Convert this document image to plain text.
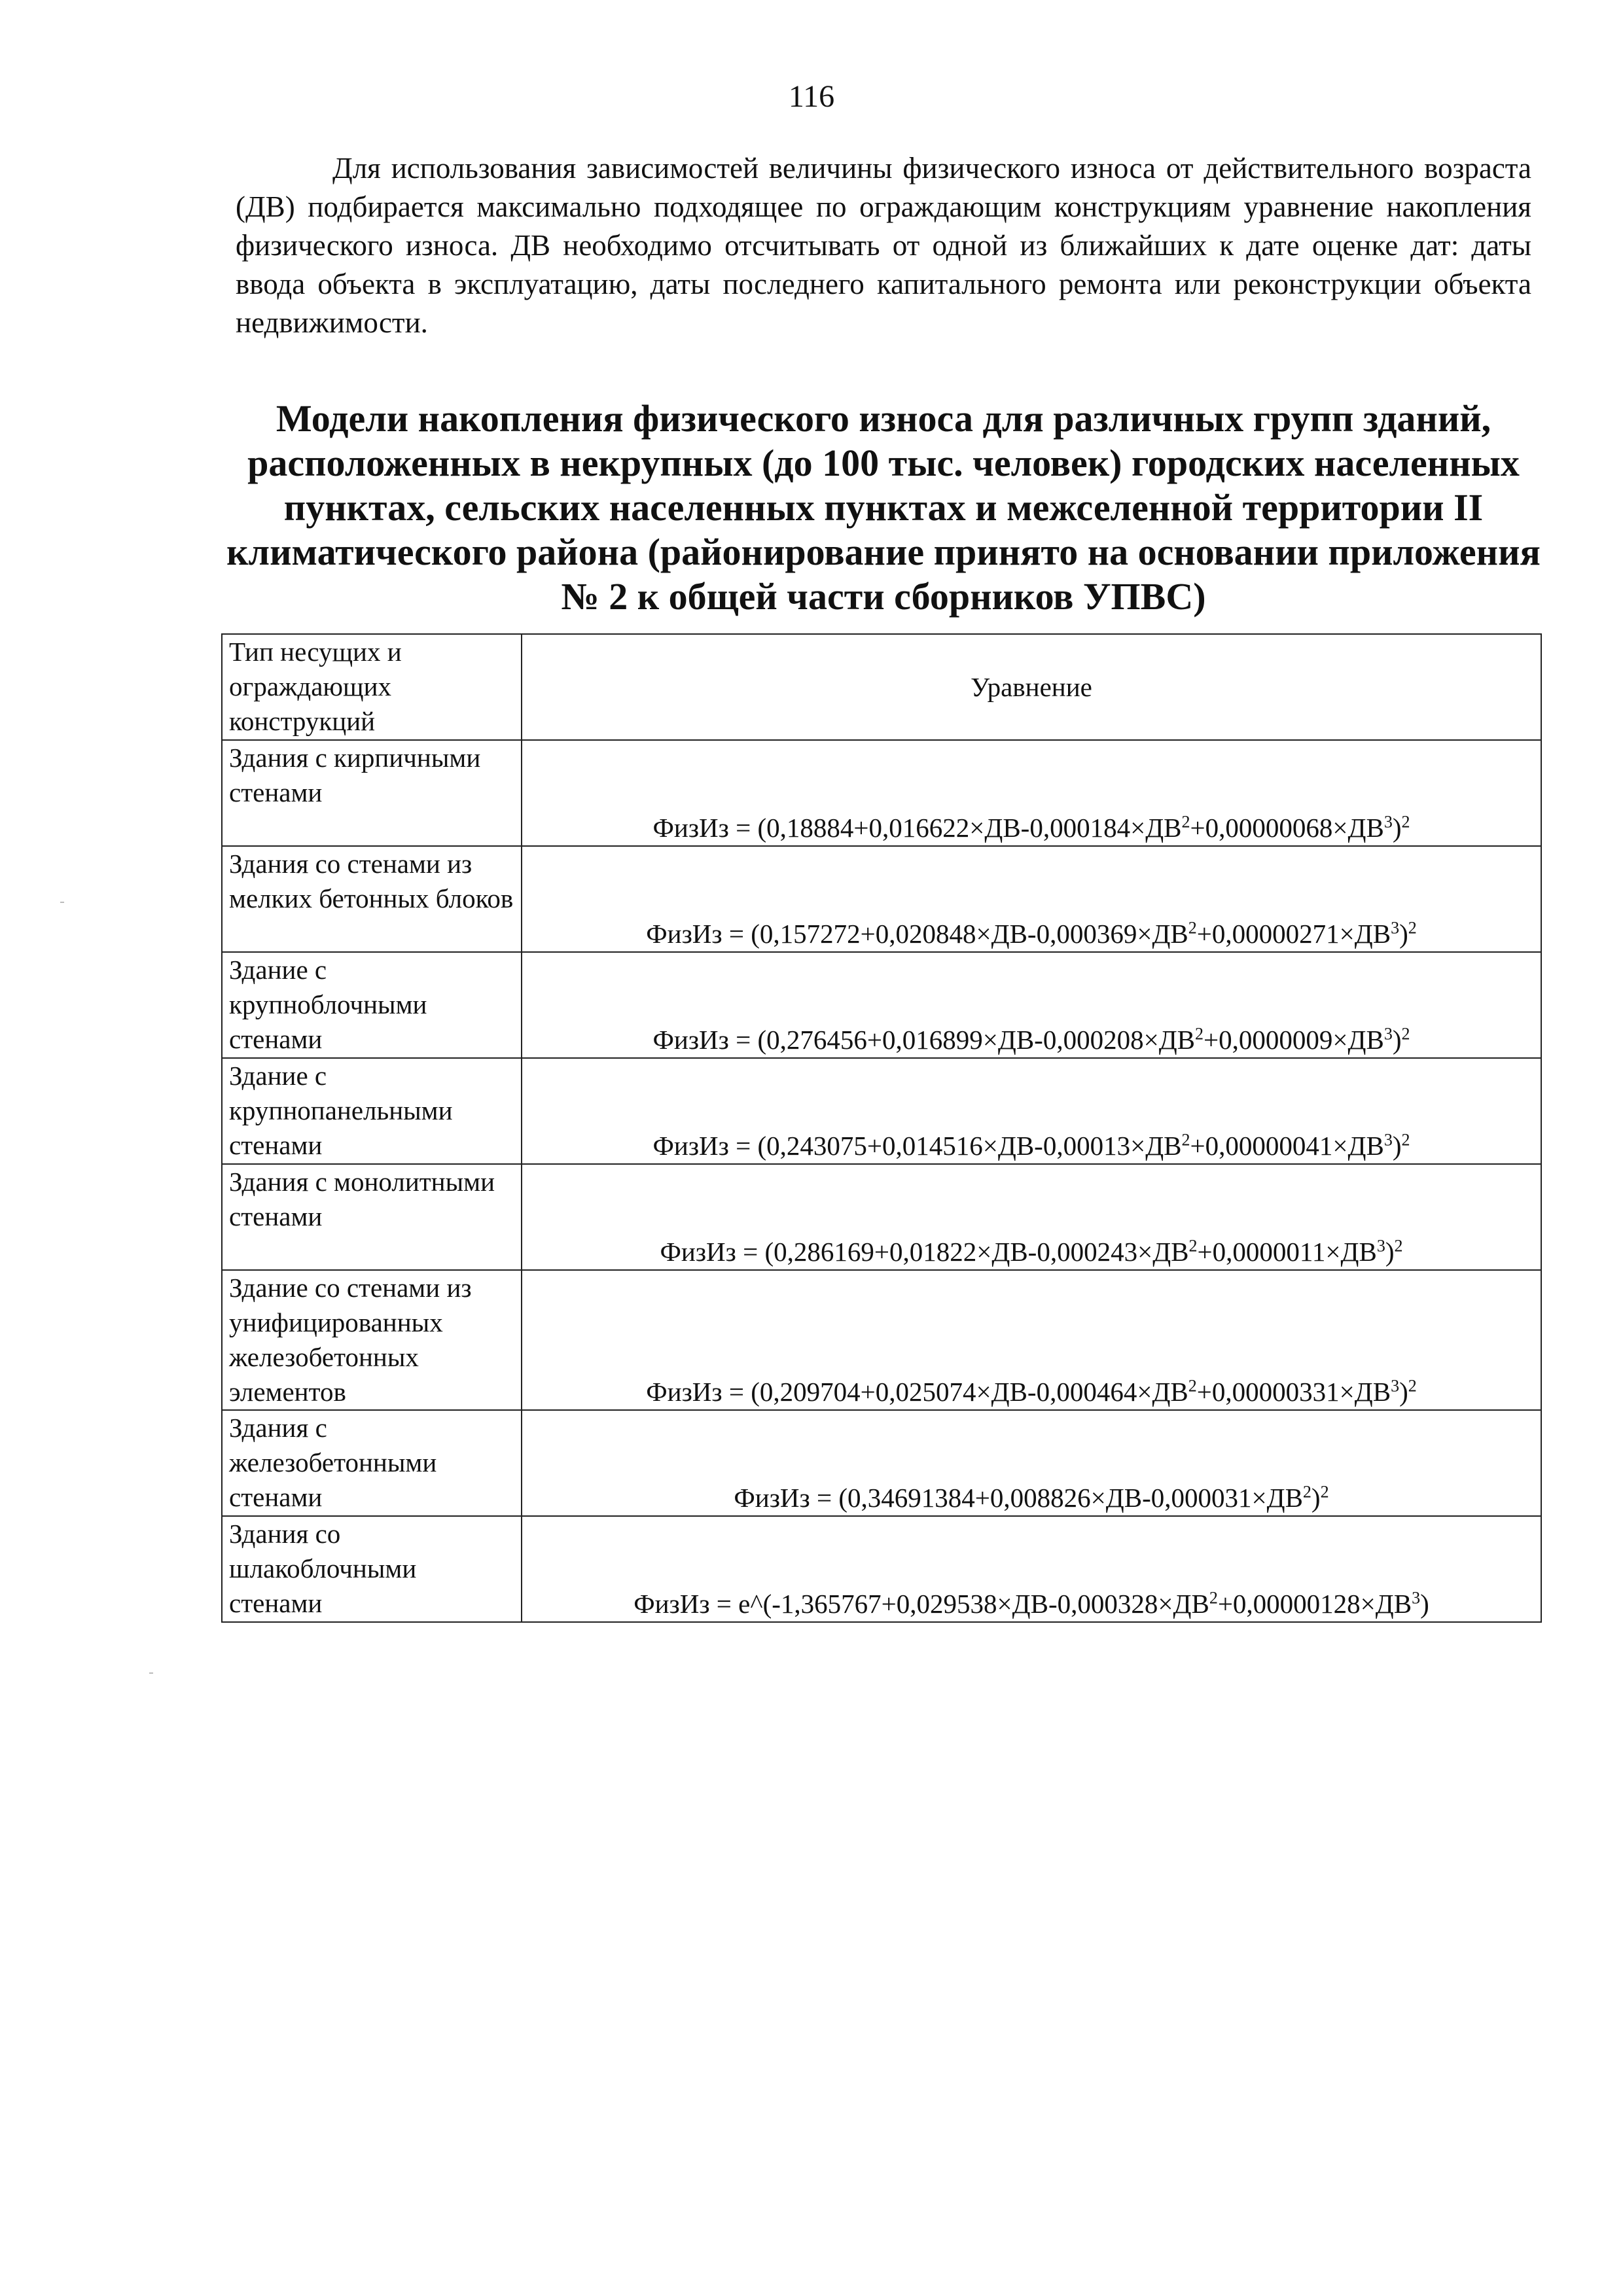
116

Для использования зависимостей величины физического износа от действительного возраста (ДВ) подбирается максимально подходящее по ограждающим конструкциям уравнение накопления физического износа. ДВ необходимо отсчитывать от одной из ближайших к дате оценке дат: даты ввода объекта в эксплуатацию, даты последнего капитального ремонта или реконструкции объекта недвижимости.

Модели накопления физического износа для различных групп зданий,
расположенных в некрупных (до 100 тыс. человек) городских населенных
пунктах, сельских населенных пунктах и межселенной территории II
климатического района (районирование принято на основании приложения
№ 2 к общей части сборников УПВС)
Тип несущих и ограждающих конструкций	Уравнение
Здания с кирпичными стенами	ФизИз = $(0,18884+0,016622\times ДВ-0,000184\times ДВ^2+0,00000068\times ДВ^3)^2$
Здания со стенами из мелких бетонных блоков	ФизИз = $(0,157272+0,020848\times ДВ-0,000369\times ДВ^2+0,00000271\times ДВ^3)^2$
Здание с крупноблочными стенами	ФизИз = $(0,276456+0,016899\times ДВ-0,000208\times ДВ^2+0,0000009\times ДВ^3)^2$
Здание с крупнопанельными стенами	ФизИз = $(0,243075+0,014516\times ДВ-0,00013\times ДВ^2+0,00000041\times ДВ^3)^2$
Здания с монолитными стенами	ФизИз = $(0,286169+0,01822\times ДВ-0,000243\times ДВ^2+0,0000011\times ДВ^3)^2$
Здание со стенами из унифицированных железобетонных элементов	ФизИз = $(0,209704+0,025074\times ДВ-0,000464\times ДВ^2+0,00000331\times ДВ^3)^2$
Здания с железобетонными стенами	ФизИз = $(0,34691384+0,008826\times ДВ-0,000031\times ДВ^2)^2$
Здания со шлакоблочными стенами	ФизИз = $e\^{}(-1,365767+0,029538\times ДВ-0,000328\times ДВ^2+0,00000128\times ДВ^3)$
